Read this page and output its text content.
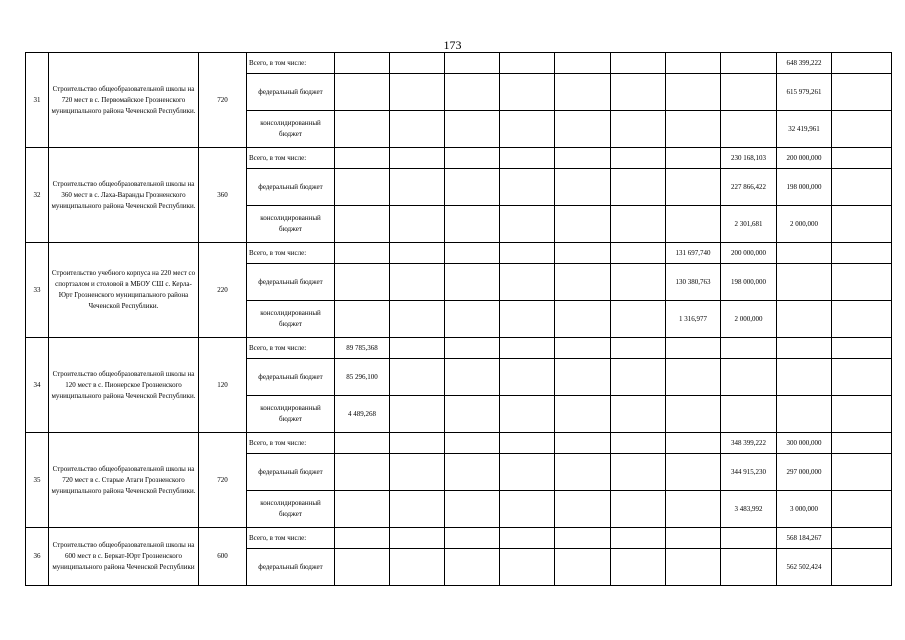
173
31	Строительство общеобразовательной школы на 720 мест в с. Первомайское Грозненского муниципального района Чеченской Республики.	720	Всего, в том числе:									648 399,222	
			федеральный бюджет									615 979,261	
			консолидированный бюджет									32 419,961	
32	Строительство общеобразовательной школы на 360 мест в с. Лаха-Варанды Грозненского муниципального района Чеченской Республики.	360	Всего, в том числе:								230 168,103	200 000,000	
			федеральный бюджет								227 866,422	198 000,000	
			консолидированный бюджет								2 301,681	2 000,000	
33	Строительство учебного корпуса на 220 мест со спортзалом и столовой в МБОУ СШ с. Керла-Юрт Грозненского муниципального района Чеченской Республики.	220	Всего, в том числе:							131 697,740	200 000,000		
			федеральный бюджет							130 380,763	198 000,000		
			консолидированный бюджет							1 316,977	2 000,000		
34	Строительство общеобразовательной школы на 120 мест в с. Пионерское Грозненского муниципального района Чеченской Республики.	120	Всего, в том числе:	89 785,368									
			федеральный бюджет	85 296,100									
			консолидированный бюджет	4 489,268									
35	Строительство общеобразовательной школы на 720 мест в с. Старые Атаги Грозненского муниципального района Чеченской Республики.	720	Всего, в том числе:								348 399,222	300 000,000	
			федеральный бюджет								344 915,230	297 000,000	
			консолидированный бюджет								3 483,992	3 000,000	
36	Строительство общеобразовательной школы на 600 мест в с. Беркат-Юрт Грозненского муниципального района Чеченской Республики	600	Всего, в том числе:									568 184,267	
			федеральный бюджет									562 502,424	
